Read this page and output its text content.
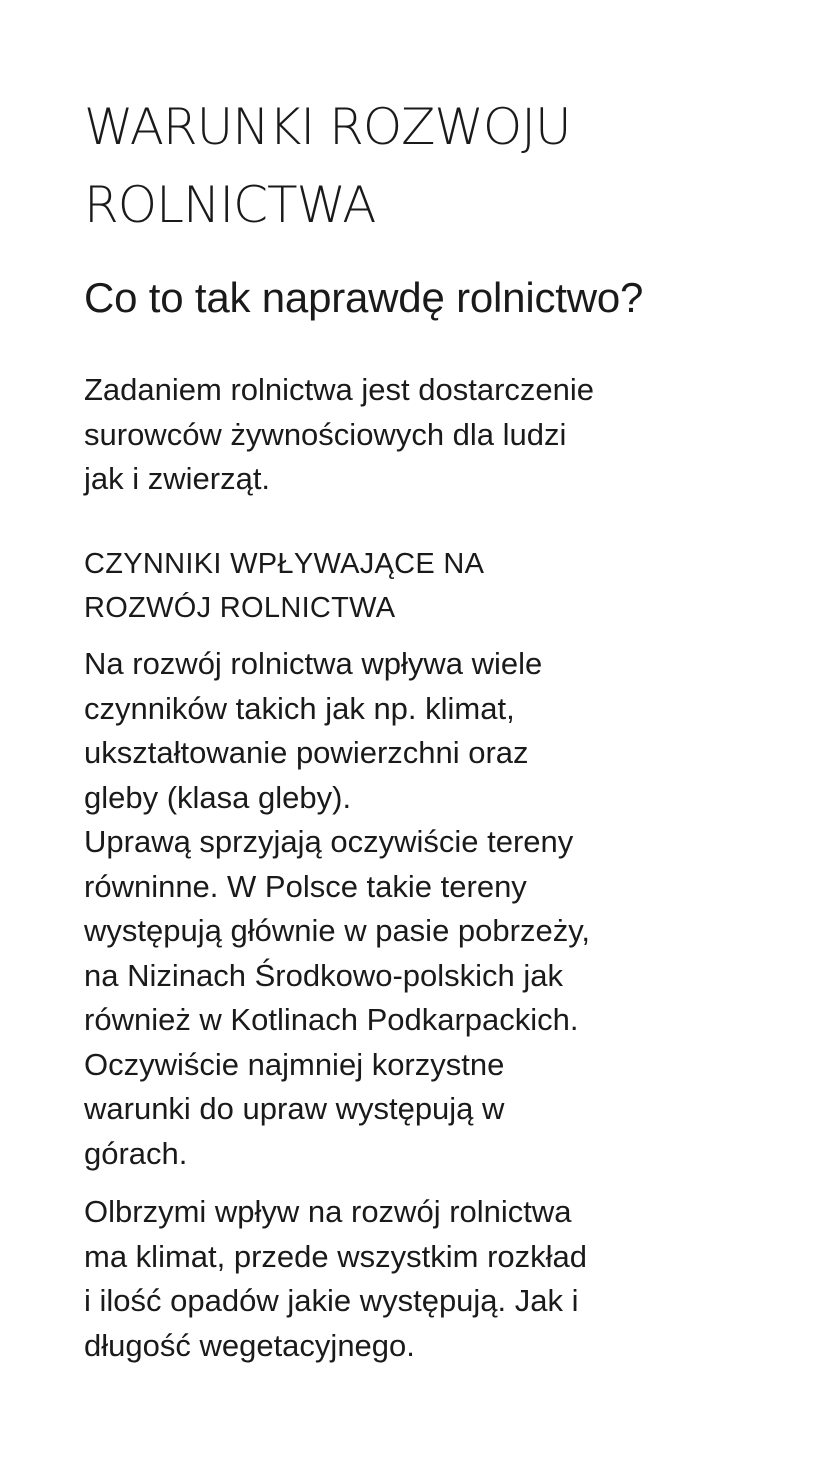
WARUNKI ROZWOJU
ROLNICTWA
Co to tak naprawdę rolnictwo?

Zadaniem rolnictwa jest dostarczenie
surowców żywnościowych dla ludzi
jak i zwierząt.

CZYNNIKI WPŁYWAJĄCE NA
ROZWÓJ ROLNICTWA

Na rozwój rolnictwa wpływa wiele
czynników takich jak np. klimat,
ukształtowanie powierzchni oraz
gleby (klasa gleby).
Uprawą sprzyjają oczywiście tereny
równinne. W Polsce takie tereny
występują głównie w pasie pobrzeży,
na Nizinach Środkowo-polskich jak
również w Kotlinach Podkarpackich.
Oczywiście najmniej korzystne
warunki do upraw występują w
górach.

Olbrzymi wpływ na rozwój rolnictwa
ma klimat, przede wszystkim rozkład
i ilość opadów jakie występują. Jak i
długość wegetacyjnego.
